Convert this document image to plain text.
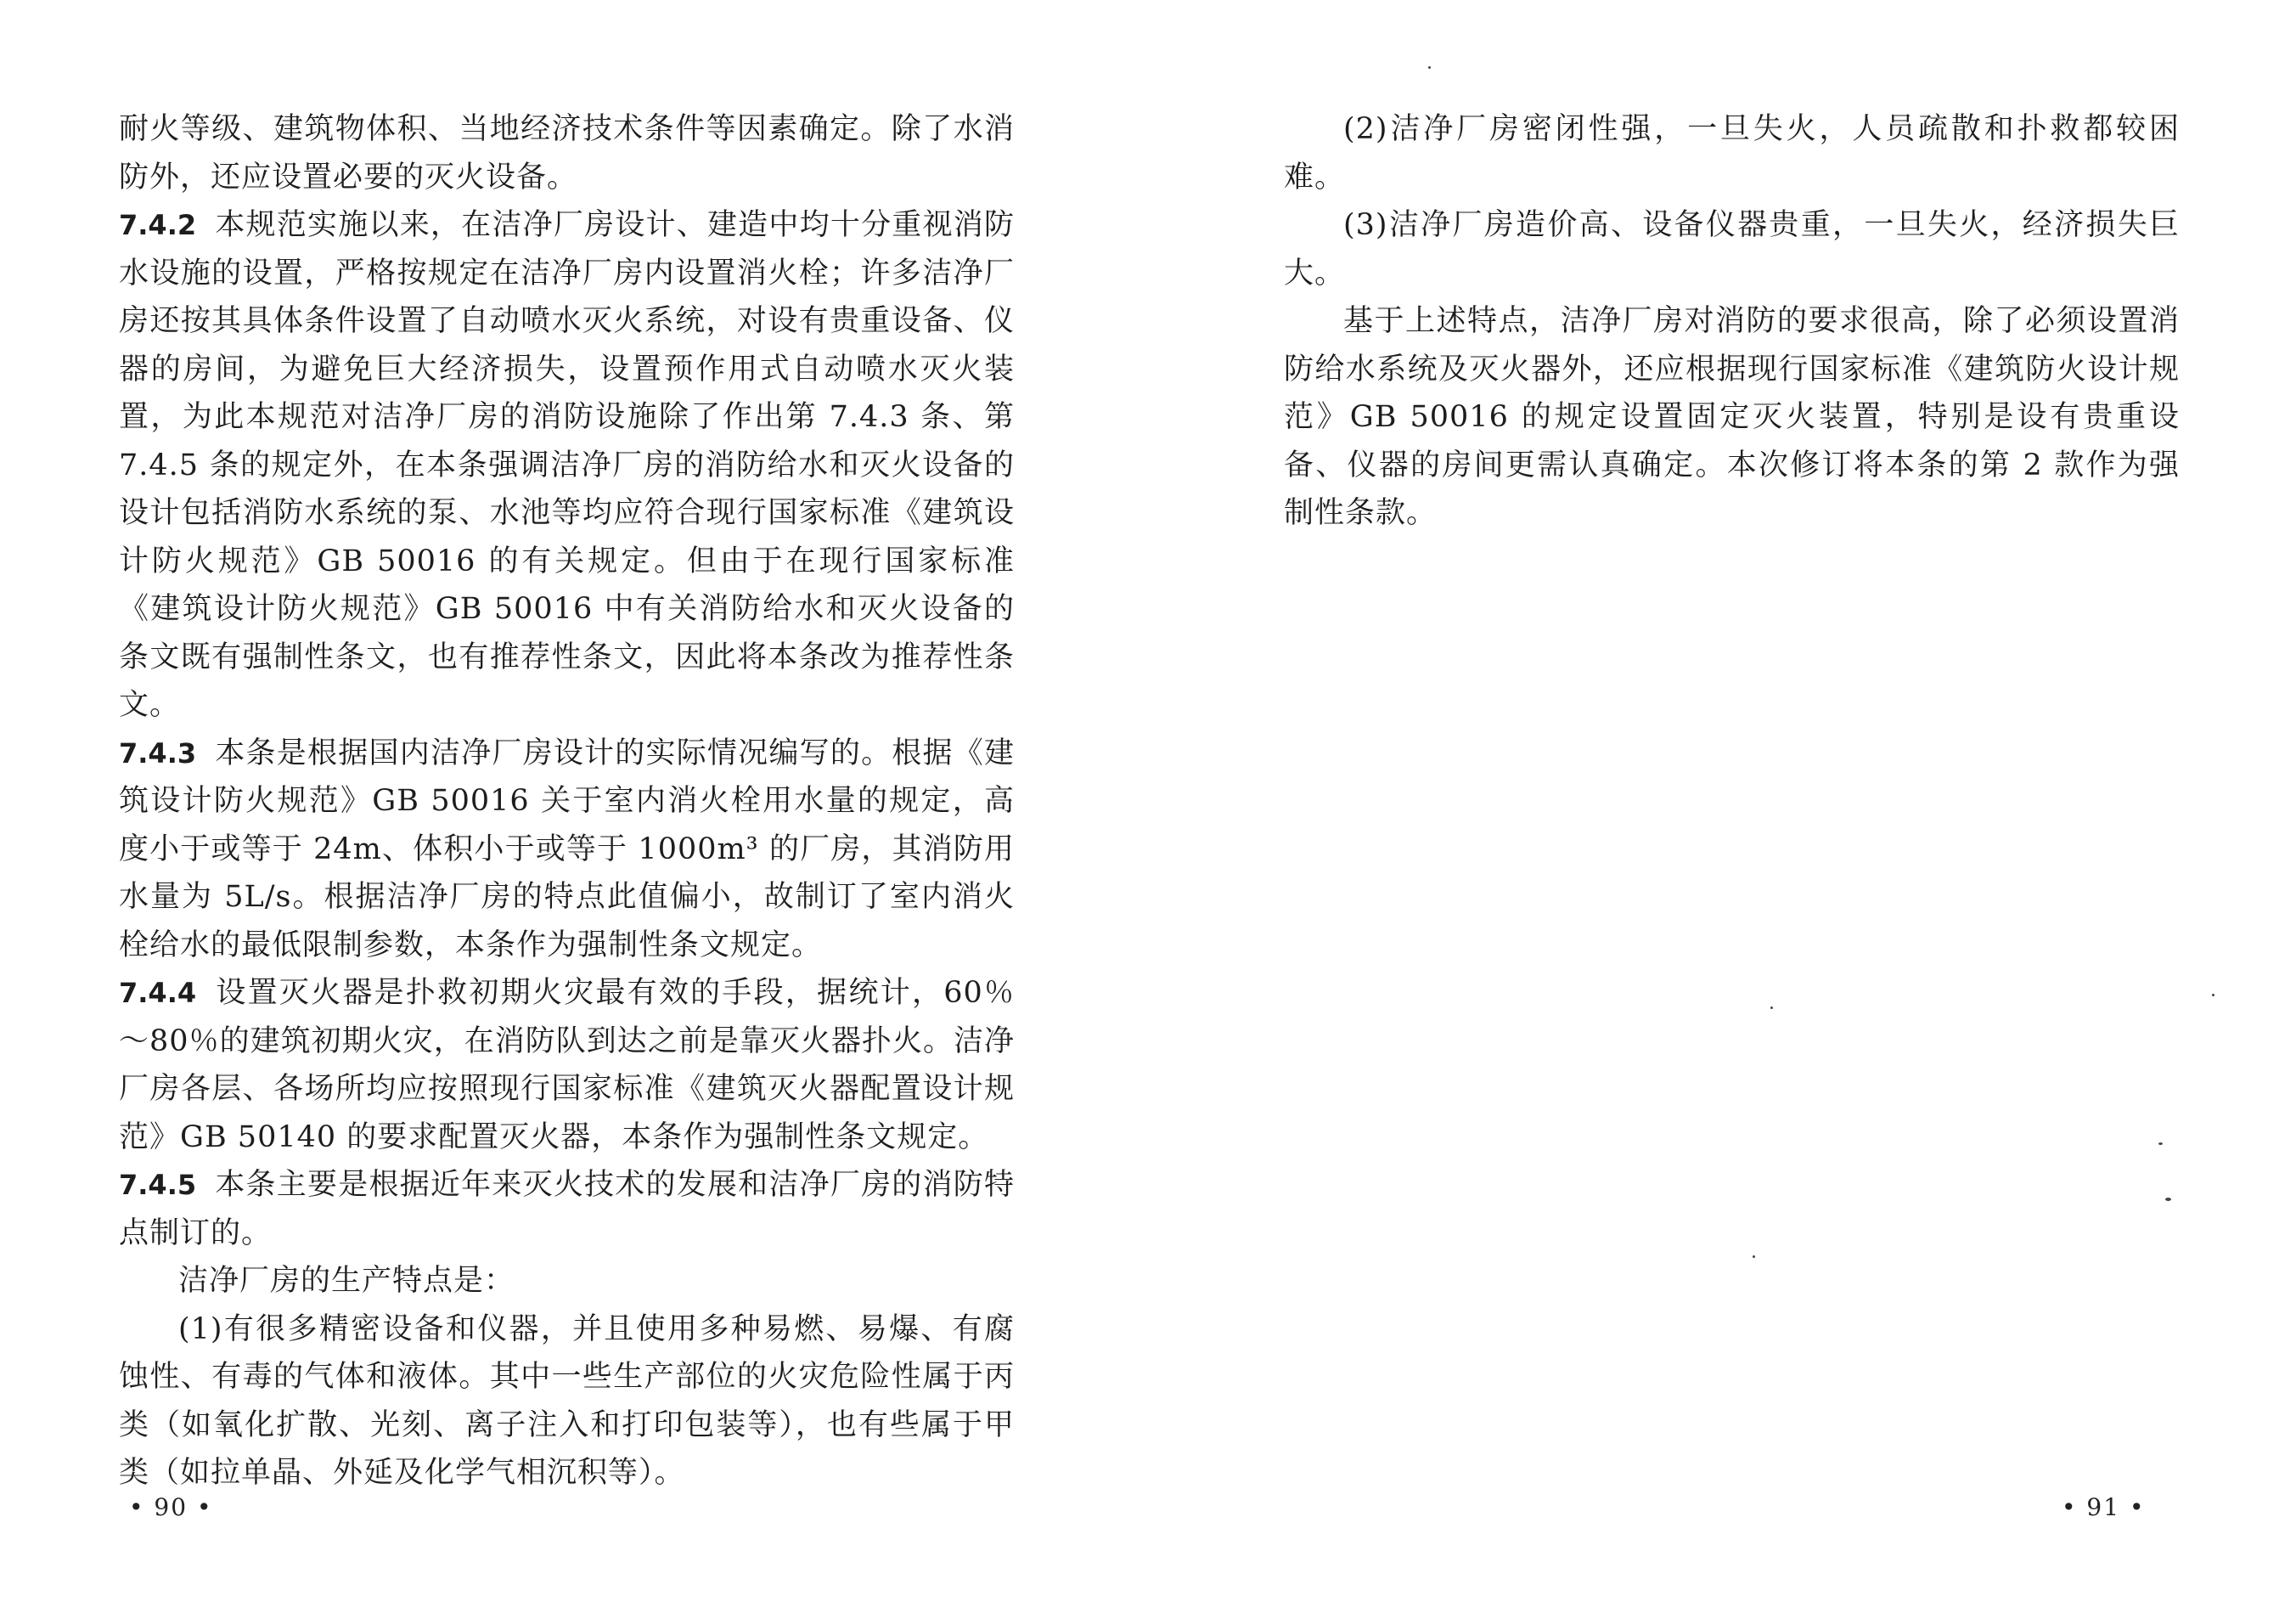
耐火等级、建筑物体积、当地经济技术条件等因素确定。除了水消防外，还应设置必要的灭火设备。

7.4.2 本规范实施以来，在洁净厂房设计、建造中均十分重视消防水设施的设置，严格按规定在洁净厂房内设置消火栓；许多洁净厂房还按其具体条件设置了自动喷水灭火系统，对设有贵重设备、仪器的房间，为避免巨大经济损失，设置预作用式自动喷水灭火装置，为此本规范对洁净厂房的消防设施除了作出第 7.4.3 条、第 7.4.5 条的规定外，在本条强调洁净厂房的消防给水和灭火设备的设计包括消防水系统的泵、水池等均应符合现行国家标准《建筑设计防火规范》GB 50016 的有关规定。但由于在现行国家标准《建筑设计防火规范》GB 50016 中有关消防给水和灭火设备的条文既有强制性条文，也有推荐性条文，因此将本条改为推荐性条文。

7.4.3 本条是根据国内洁净厂房设计的实际情况编写的。根据《建筑设计防火规范》GB 50016 关于室内消火栓用水量的规定，高度小于或等于 24m、体积小于或等于 1000m³ 的厂房，其消防用水量为 5L/s。根据洁净厂房的特点此值偏小，故制订了室内消火栓给水的最低限制参数，本条作为强制性条文规定。

7.4.4 设置灭火器是扑救初期火灾最有效的手段，据统计，60％～80％的建筑初期火灾，在消防队到达之前是靠灭火器扑火。洁净厂房各层、各场所均应按照现行国家标准《建筑灭火器配置设计规范》GB 50140 的要求配置灭火器，本条作为强制性条文规定。

7.4.5 本条主要是根据近年来灭火技术的发展和洁净厂房的消防特点制订的。

洁净厂房的生产特点是：

(1)有很多精密设备和仪器，并且使用多种易燃、易爆、有腐蚀性、有毒的气体和液体。其中一些生产部位的火灾危险性属于丙类（如氧化扩散、光刻、离子注入和打印包装等），也有些属于甲类（如拉单晶、外延及化学气相沉积等）。

• 90 •

(2)洁净厂房密闭性强，一旦失火，人员疏散和扑救都较困难。

(3)洁净厂房造价高、设备仪器贵重，一旦失火，经济损失巨大。

基于上述特点，洁净厂房对消防的要求很高，除了必须设置消防给水系统及灭火器外，还应根据现行国家标准《建筑防火设计规范》GB 50016 的规定设置固定灭火装置，特别是设有贵重设备、仪器的房间更需认真确定。本次修订将本条的第 2 款作为强制性条款。

• 91 •
